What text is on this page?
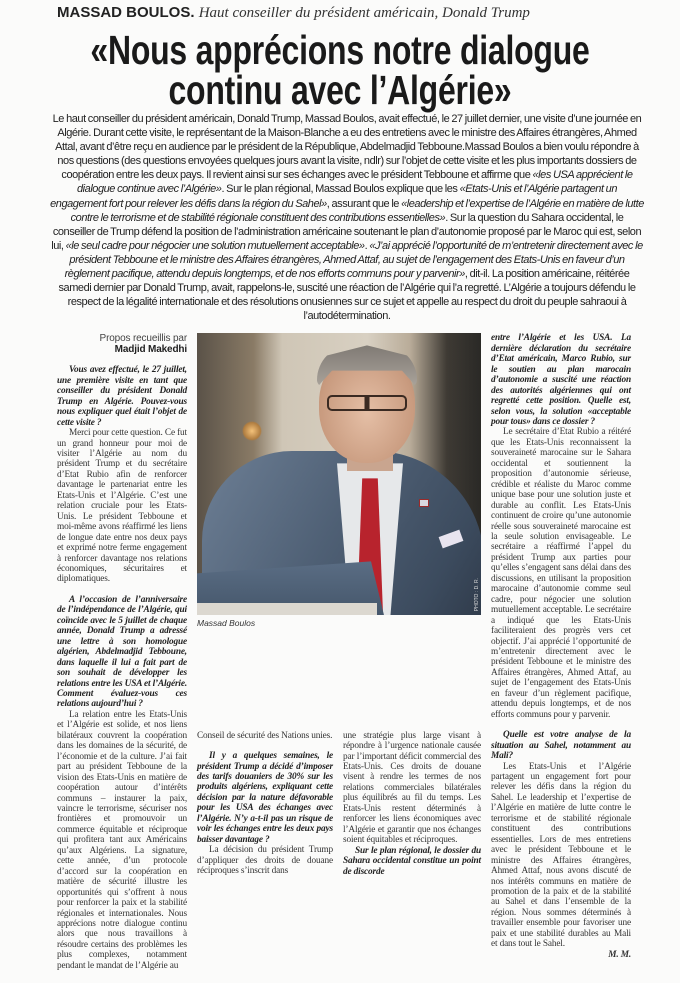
MASSAD BOULOS. Haut conseiller du président américain, Donald Trump
«Nous apprécions notre dialogue
continu avec l’Algérie»
Le haut conseiller du président américain, Donald Trump, Massad Boulos, avait effectué, le 27 juillet dernier, une visite d’une journée en Algérie. Durant cette visite, le représentant de la Maison-Blanche a eu des entretiens avec le ministre des Affaires étrangères, Ahmed Attal, avant d’être reçu en audience par le président de la République, Abdelmadjid Tebboune.Massad Boulos a bien voulu répondre à nos questions (des questions envoyées quelques jours avant la visite, ndlr) sur l’objet de cette visite et les plus importants dossiers de coopération entre les deux pays. Il revient ainsi sur ses échanges avec le président Tebboune et affirme que «les USA apprécient le dialogue continue avec l’Algérie». Sur le plan régional, Massad Boulos explique que les «Etats-Unis et l’Algérie partagent un engagement fort pour relever les défis dans la région du Sahel», assurant que le «leadership et l’expertise de l’Algérie en matière de lutte contre le terrorisme et de stabilité régionale constituent des contributions essentielles». Sur la question du Sahara occidental, le conseiller de Trump défend la position de l’administration américaine soutenant le plan d’autonomie proposé par le Maroc qui est, selon lui, «le seul cadre pour négocier une solution mutuellement acceptable». «J’ai apprécié l’opportunité de m’entretenir directement avec le président Tebboune et le ministre des Affaires étrangères, Ahmed Attaf, au sujet de l’engagement des Etats-Unis en faveur d’un règlement pacifique, attendu depuis longtemps, et de nos efforts communs pour y parvenir», dit-il. La position américaine, réitérée samedi dernier par Donald Trump, avait, rappelons-le, suscité une réaction de l’Algérie qui l’a regretté. L’Algérie a toujours défendu le respect de la légalité internationale et des résolutions onusiennes sur ce sujet et appelle au respect du droit du peuple sahraoui à l’autodétermination.
Propos recueillis par
Madjid Makedhi

Vous avez effectué, le 27 juillet, une première visite en tant que conseiller du président Donald Trump en Algérie. Pouvez-vous nous expliquer quel était l’objet de cette visite ?

Merci pour cette question. Ce fut un grand honneur pour moi de visiter l’Algérie au nom du président Trump et du secrétaire d’Etat Rubio afin de renforcer davantage le partenariat entre les Etats-Unis et l’Algérie. C’est une relation cruciale pour les Etats-Unis. Le président Tebboune et moi-même avons réaffirmé les liens de longue date entre nos deux pays et exprimé notre ferme engagement à renforcer davantage nos relations économiques, sécuritaires et diplomatiques.

A l’occasion de l’anniversaire de l’indépendance de l’Algérie, qui coïncide avec le 5 juillet de chaque année, Donald Trump a adressé une lettre à son homologue algérien, Abdelmadjid Tebboune, dans laquelle il lui a fait part de son souhait de développer les relations entre les USA et l’Algérie. Comment évaluez-vous ces relations aujourd’hui ?

La relation entre les Etats-Unis et l’Algérie est solide, et nos liens bilatéraux couvrent la coopération dans les domaines de la sécurité, de l’économie et de la culture. J’ai fait part au président Tebboune de la vision des Etats-Unis en matière de coopération autour d’intérêts communs – instaurer la paix, vaincre le terrorisme, sécuriser nos frontières et promouvoir un commerce équitable et réciproque qui profitera tant aux Américains qu’aux Algériens. La signature, cette année, d’un protocole d’accord sur la coopération en matière de sécurité illustre les opportunités qui s’offrent à nous pour renforcer la paix et la stabilité régionales et internationales. Nous apprécions notre dialogue continu alors que nous travaillons à résoudre certains des problèmes les plus complexes, notamment pendant le mandat de l’Algérie au

PHOTO : D. R.
Massad Boulos

Conseil de sécurité des Nations unies.

Il y a quelques semaines, le président Trump a décidé d’imposer des tarifs douaniers de 30% sur les produits algériens, expliquant cette décision par la nature défavorable pour les USA des échanges avec l’Algérie. N’y a-t-il pas un risque de voir les échanges entre les deux pays baisser davantage ?

La décision du président Trump d’appliquer des droits de douane réciproques s’inscrit dans

une stratégie plus large visant à répondre à l’urgence nationale causée par l’important déficit commercial des Etats-Unis. Ces droits de douane visent à rendre les termes de nos relations commerciales bilatérales plus équilibrés au fil du temps. Les Etats-Unis restent déterminés à renforcer les liens économiques avec l’Algérie et garantir que nos échanges soient équitables et réciproques.

Sur le plan régional, le dossier du Sahara occidental constitue un point de discorde

entre l’Algérie et les USA. La dernière déclaration du secrétaire d’Etat américain, Marco Rubio, sur le soutien au plan marocain d’autonomie a suscité une réaction des autorités algériennes qui ont regretté cette position. Quelle est, selon vous, la solution «acceptable pour tous» dans ce dossier ?

Le secrétaire d’Etat Rubio a réitéré que les Etats-Unis reconnaissent la souveraineté marocaine sur le Sahara occidental et soutiennent la proposition d’autonomie sérieuse, crédible et réaliste du Maroc comme unique base pour une solution juste et durable au conflit. Les Etats-Unis continuent de croire qu’une autonomie réelle sous souveraineté marocaine est la seule solution envisageable. Le secrétaire a réaffirmé l’appel du président Trump aux parties pour qu’elles s’engagent sans délai dans des discussions, en utilisant la proposition marocaine d’autonomie comme seul cadre, pour négocier une solution mutuellement acceptable. Le secrétaire a indiqué que les Etats-Unis faciliteraient des progrès vers cet objectif. J’ai apprécié l’opportunité de m’entretenir directement avec le président Tebboune et le ministre des Affaires étrangères, Ahmed Attaf, au sujet de l’engagement des Etats-Unis en faveur d’un règlement pacifique, attendu depuis longtemps, et de nos efforts communs pour y parvenir.

Quelle est votre analyse de la situation au Sahel, notamment au Mali?

Les Etats-Unis et l’Algérie partagent un engagement fort pour relever les défis dans la région du Sahel. Le leadership et l’expertise de l’Algérie en matière de lutte contre le terrorisme et de stabilité régionale constituent des contributions essentielles. Lors de mes entretiens avec le président Tebboune et le ministre des Affaires étrangères, Ahmed Attaf, nous avons discuté de nos intérêts communs en matière de promotion de la paix et de la stabilité au Sahel et dans l’ensemble de la région. Nous sommes déterminés à travailler ensemble pour favoriser une paix et une stabilité durables au Mali et dans tout le Sahel.

M. M.
